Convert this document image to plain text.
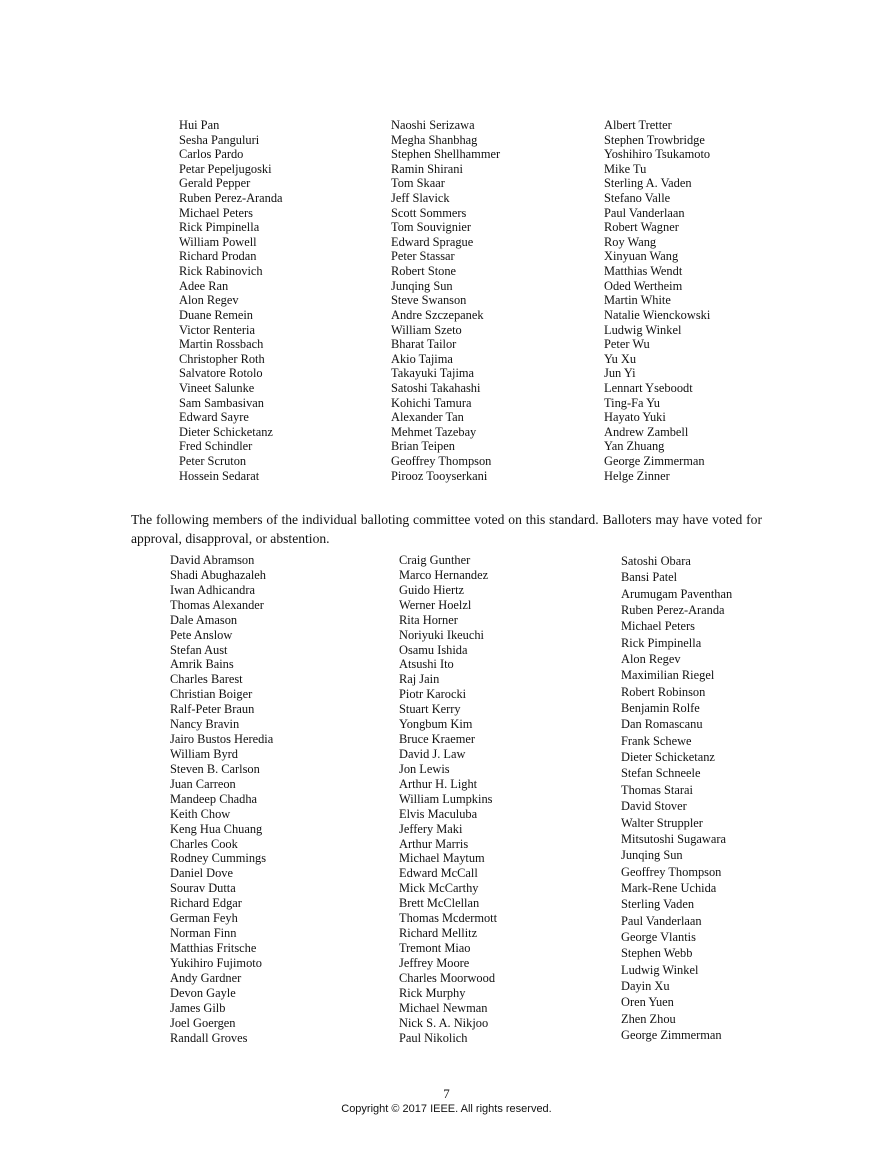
Hui Pan
Sesha Panguluri
Carlos Pardo
Petar Pepeljugoski
Gerald Pepper
Ruben Perez-Aranda
Michael Peters
Rick Pimpinella
William Powell
Richard Prodan
Rick Rabinovich
Adee Ran
Alon Regev
Duane Remein
Victor Renteria
Martin Rossbach
Christopher Roth
Salvatore Rotolo
Vineet Salunke
Sam Sambasivan
Edward Sayre
Dieter Schicketanz
Fred Schindler
Peter Scruton
Hossein Sedarat
Naoshi Serizawa
Megha Shanbhag
Stephen Shellhammer
Ramin Shirani
Tom Skaar
Jeff Slavick
Scott Sommers
Tom Souvignier
Edward Sprague
Peter Stassar
Robert Stone
Junqing Sun
Steve Swanson
Andre Szczepanek
William Szeto
Bharat Tailor
Akio Tajima
Takayuki Tajima
Satoshi Takahashi
Kohichi Tamura
Alexander Tan
Mehmet Tazebay
Brian Teipen
Geoffrey Thompson
Pirooz Tooyserkani
Albert Tretter
Stephen Trowbridge
Yoshihiro Tsukamoto
Mike Tu
Sterling A. Vaden
Stefano Valle
Paul Vanderlaan
Robert Wagner
Roy Wang
Xinyuan Wang
Matthias Wendt
Oded Wertheim
Martin White
Natalie Wienckowski
Ludwig Winkel
Peter Wu
Yu Xu
Jun Yi
Lennart Yseboodt
Ting-Fa Yu
Hayato Yuki
Andrew Zambell
Yan Zhuang
George Zimmerman
Helge Zinner

The following members of the individual balloting committee voted on this standard. Balloters may have voted for approval, disapproval, or abstention.

David Abramson
Shadi Abughazaleh
Iwan Adhicandra
Thomas Alexander
Dale Amason
Pete Anslow
Stefan Aust
Amrik Bains
Charles Barest
Christian Boiger
Ralf-Peter Braun
Nancy Bravin
Jairo Bustos Heredia
William Byrd
Steven B. Carlson
Juan Carreon
Mandeep Chadha
Keith Chow
Keng Hua Chuang
Charles Cook
Rodney Cummings
Daniel Dove
Sourav Dutta
Richard Edgar
German Feyh
Norman Finn
Matthias Fritsche
Yukihiro Fujimoto
Andy Gardner
Devon Gayle
James Gilb
Joel Goergen
Randall Groves
Craig Gunther
Marco Hernandez
Guido Hiertz
Werner Hoelzl
Rita Horner
Noriyuki Ikeuchi
Osamu Ishida
Atsushi Ito
Raj Jain
Piotr Karocki
Stuart Kerry
Yongbum Kim
Bruce Kraemer
David J. Law
Jon Lewis
Arthur H. Light
William Lumpkins
Elvis Maculuba
Jeffery Maki
Arthur Marris
Michael Maytum
Edward McCall
Mick McCarthy
Brett McClellan
Thomas Mcdermott
Richard Mellitz
Tremont Miao
Jeffrey Moore
Charles Moorwood
Rick Murphy
Michael Newman
Nick S. A. Nikjoo
Paul Nikolich
Satoshi Obara
Bansi Patel
Arumugam Paventhan
Ruben Perez-Aranda
Michael Peters
Rick Pimpinella
Alon Regev
Maximilian Riegel
Robert Robinson
Benjamin Rolfe
Dan Romascanu
Frank Schewe
Dieter Schicketanz
Stefan Schneele
Thomas Starai
David Stover
Walter Struppler
Mitsutoshi Sugawara
Junqing Sun
Geoffrey Thompson
Mark-Rene Uchida
Sterling Vaden
Paul Vanderlaan
George Vlantis
Stephen Webb
Ludwig Winkel
Dayin Xu
Oren Yuen
Zhen Zhou
George Zimmerman
7
Copyright © 2017 IEEE. All rights reserved.
